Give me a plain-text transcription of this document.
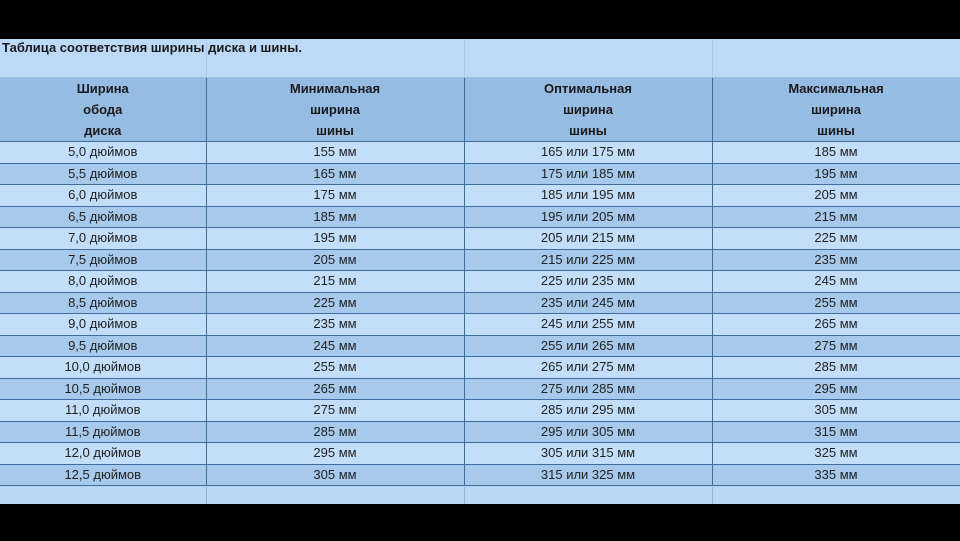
Таблица соответствия ширины диска и шины.
Ширина
обода
диска	Минимальная
ширина
шины	Оптимальная
ширина
шины	Максимальная
ширина
шины
5,0 дюймов	155 мм	165 или 175 мм	185 мм
5,5 дюймов	165 мм	175 или 185 мм	195 мм
6,0 дюймов	175 мм	185 или 195 мм	205 мм
6,5 дюймов	185 мм	195 или 205 мм	215 мм
7,0 дюймов	195 мм	205 или 215 мм	225 мм
7,5 дюймов	205 мм	215 или 225 мм	235 мм
8,0 дюймов	215 мм	225 или 235 мм	245 мм
8,5 дюймов	225 мм	235 или 245 мм	255 мм
9,0 дюймов	235 мм	245 или 255 мм	265 мм
9,5 дюймов	245 мм	255 или 265 мм	275 мм
10,0 дюймов	255 мм	265 или 275 мм	285 мм
10,5 дюймов	265 мм	275 или 285 мм	295 мм
11,0 дюймов	275 мм	285 или 295 мм	305 мм
11,5 дюймов	285 мм	295 или 305 мм	315 мм
12,0 дюймов	295 мм	305 или 315 мм	325 мм
12,5 дюймов	305 мм	315 или 325 мм	335 мм
